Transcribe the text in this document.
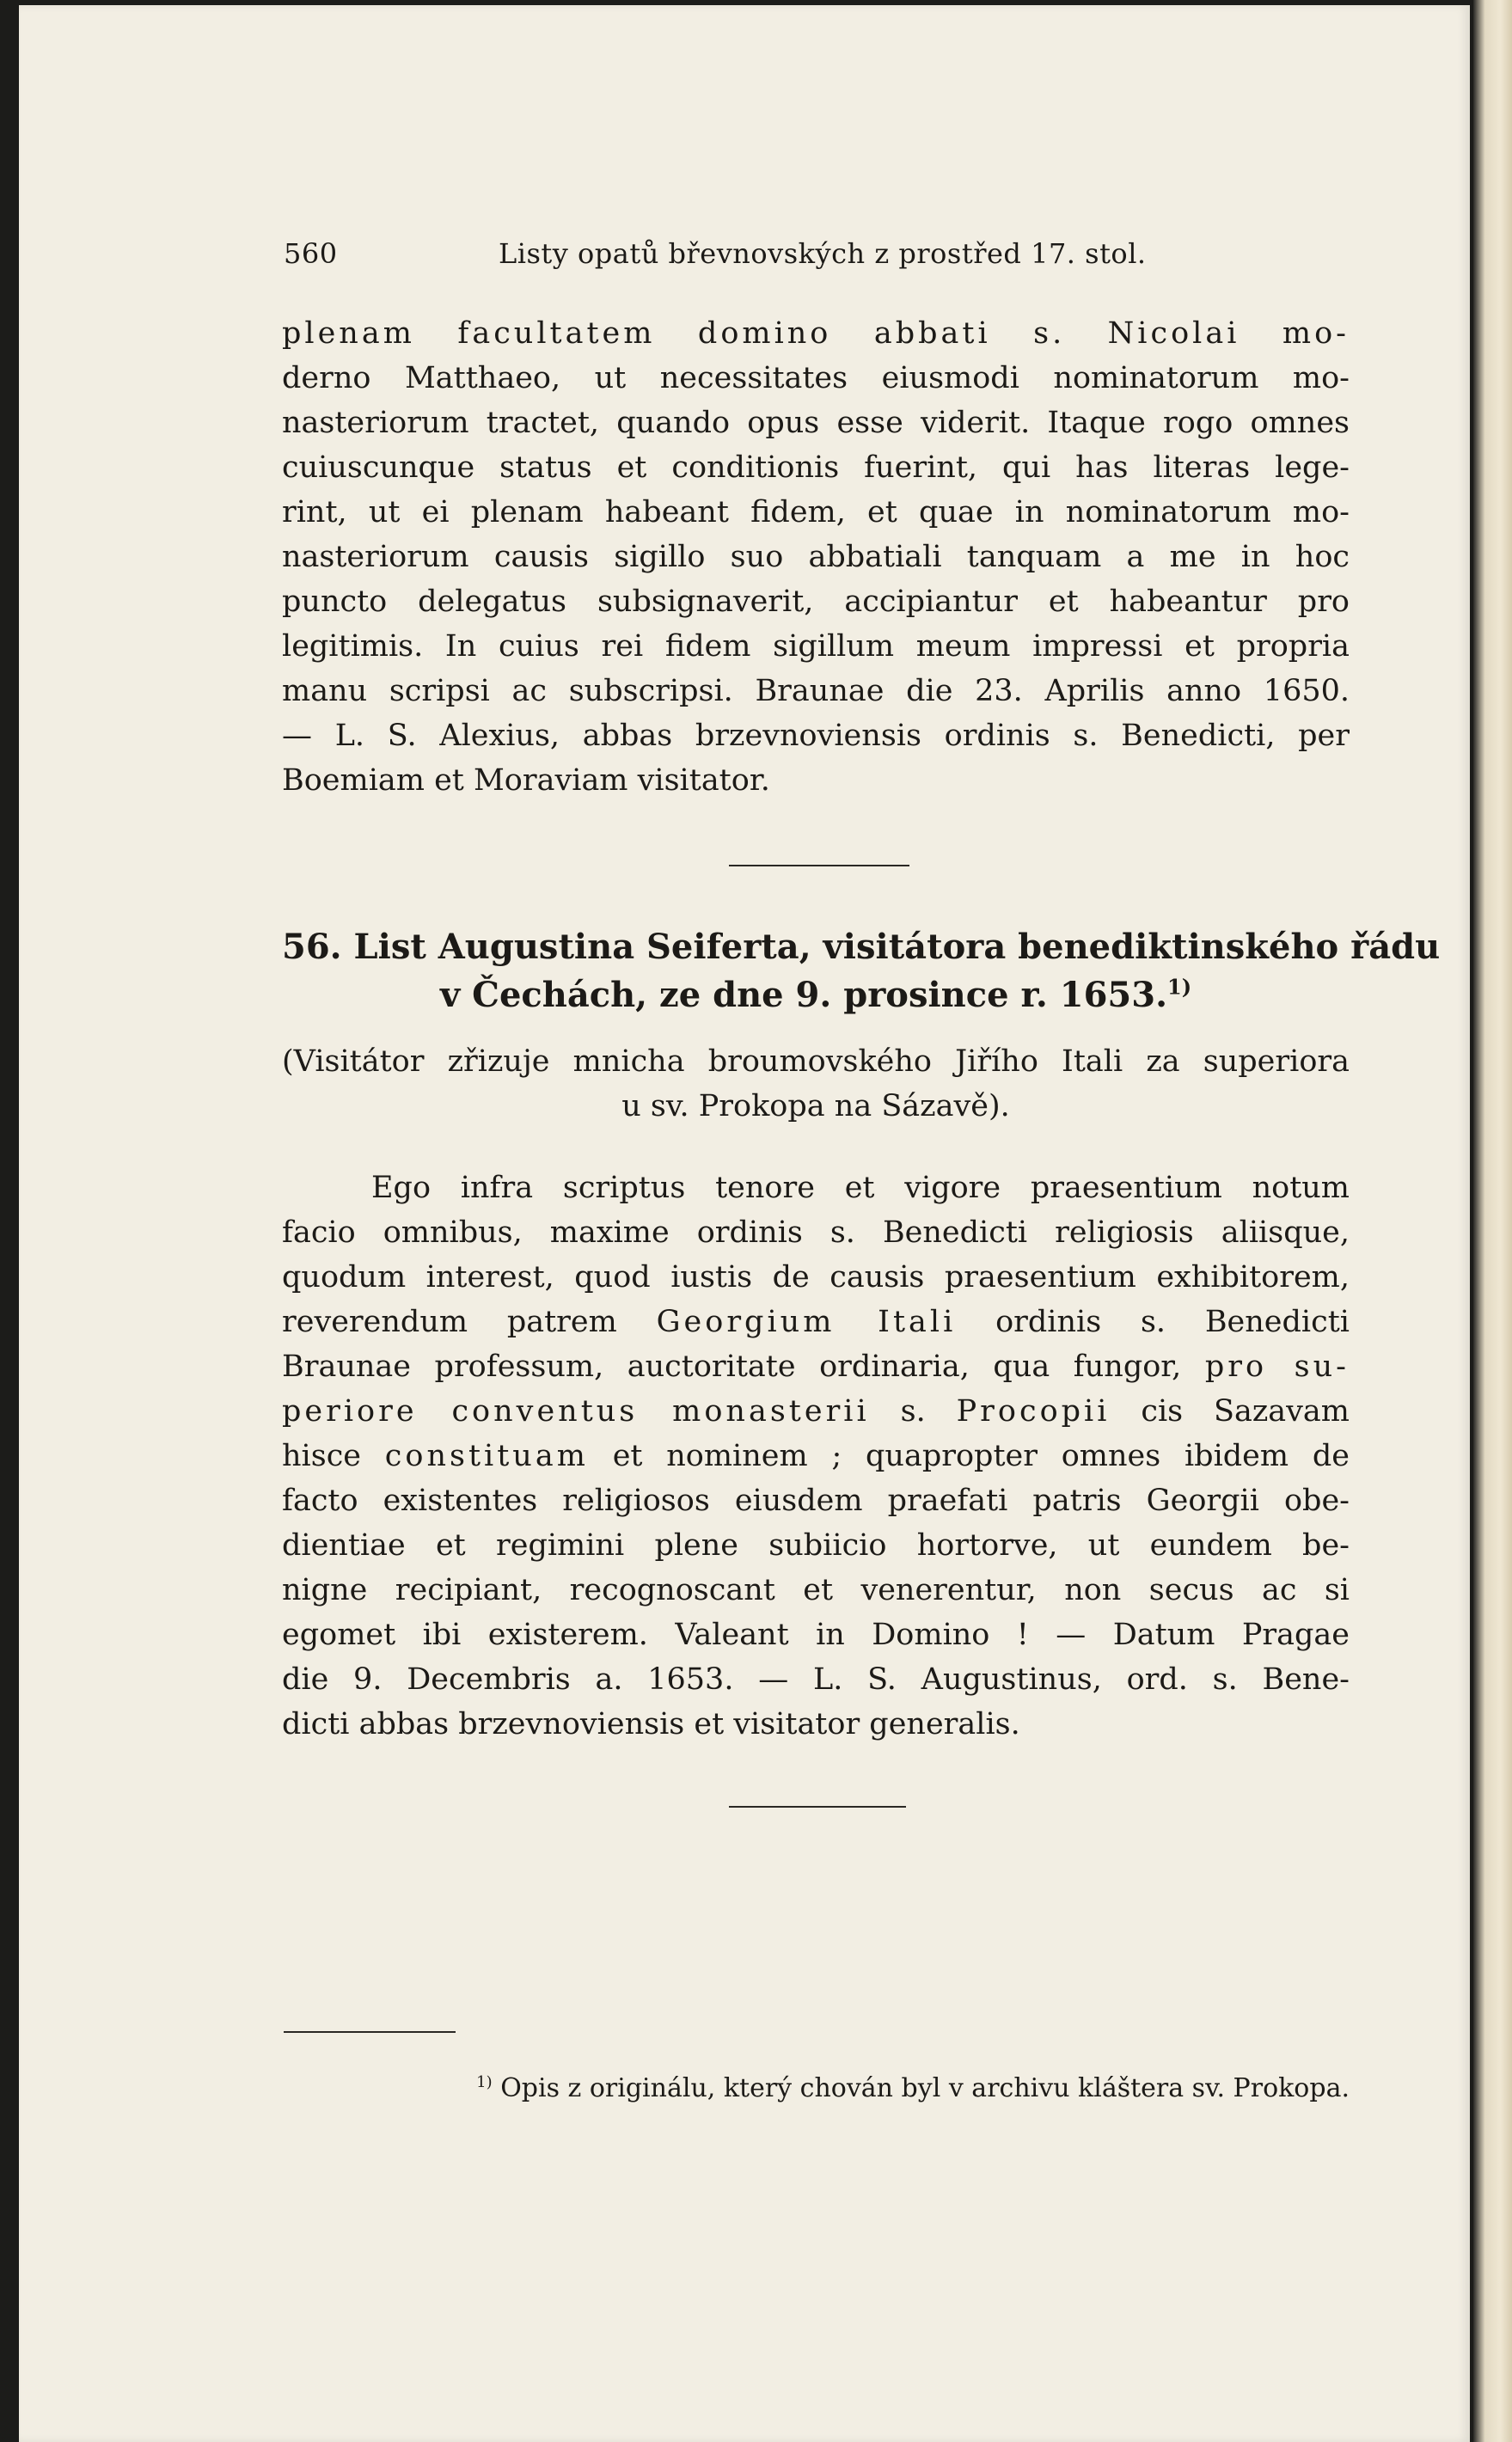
560	Listy opatů břevnovských z prostřed 17. stol.
plenam facultatem domino abbati s. Nicolai mo-
derno Matthaeo, ut necessitates eiusmodi nominatorum mo-
nasteriorum tractet, quando opus esse viderit. Itaque rogo omnes
cuiuscunque status et conditionis fuerint, qui has literas lege-
rint, ut ei plenam habeant fidem, et quae in nominatorum mo-
nasteriorum causis sigillo suo abbatiali tanquam a me in hoc
puncto delegatus subsignaverit, accipiantur et habeantur pro
legitimis. In cuius rei fidem sigillum meum impressi et propria
manu scripsi ac subscripsi. Braunae die 23. Aprilis anno 1650.
— L. S. Alexius, abbas brzevnoviensis ordinis s. Benedicti, per
Boemiam et Moraviam visitator.
56. List Augustina Seiferta, visitátora benediktinského řádu
v Čechách, ze dne 9. prosince r. 1653.$^{1)}$
(Visitátor zřizuje mnicha broumovského Jiřího Itali za superiora
u sv. Prokopa na Sázavě).
Ego infra scriptus tenore et vigore praesentium notum
facio omnibus, maxime ordinis s. Benedicti religiosis aliisque,
quodum interest, quod iustis de causis praesentium exhibitorem,
reverendum patrem Georgium Itali ordinis s. Benedicti
Braunae professum, auctoritate ordinaria, qua fungor, pro su-
periore conventus monasterii s. Procopii cis Sazavam
hisce constituam et nominem ; quapropter omnes ibidem de
facto existentes religiosos eiusdem praefati patris Georgii obe-
dientiae et regimini plene subiicio hortorve, ut eundem be-
nigne recipiant, recognoscant et venerentur, non secus ac si
egomet ibi existerem. Valeant in Domino ! — Datum Pragae
die 9. Decembris a. 1653. — L. S. Augustinus, ord. s. Bene-
dicti abbas brzevnoviensis et visitator generalis.
$^{1)}$ Opis z originálu, který chován byl v archivu kláštera sv. Prokopa.
